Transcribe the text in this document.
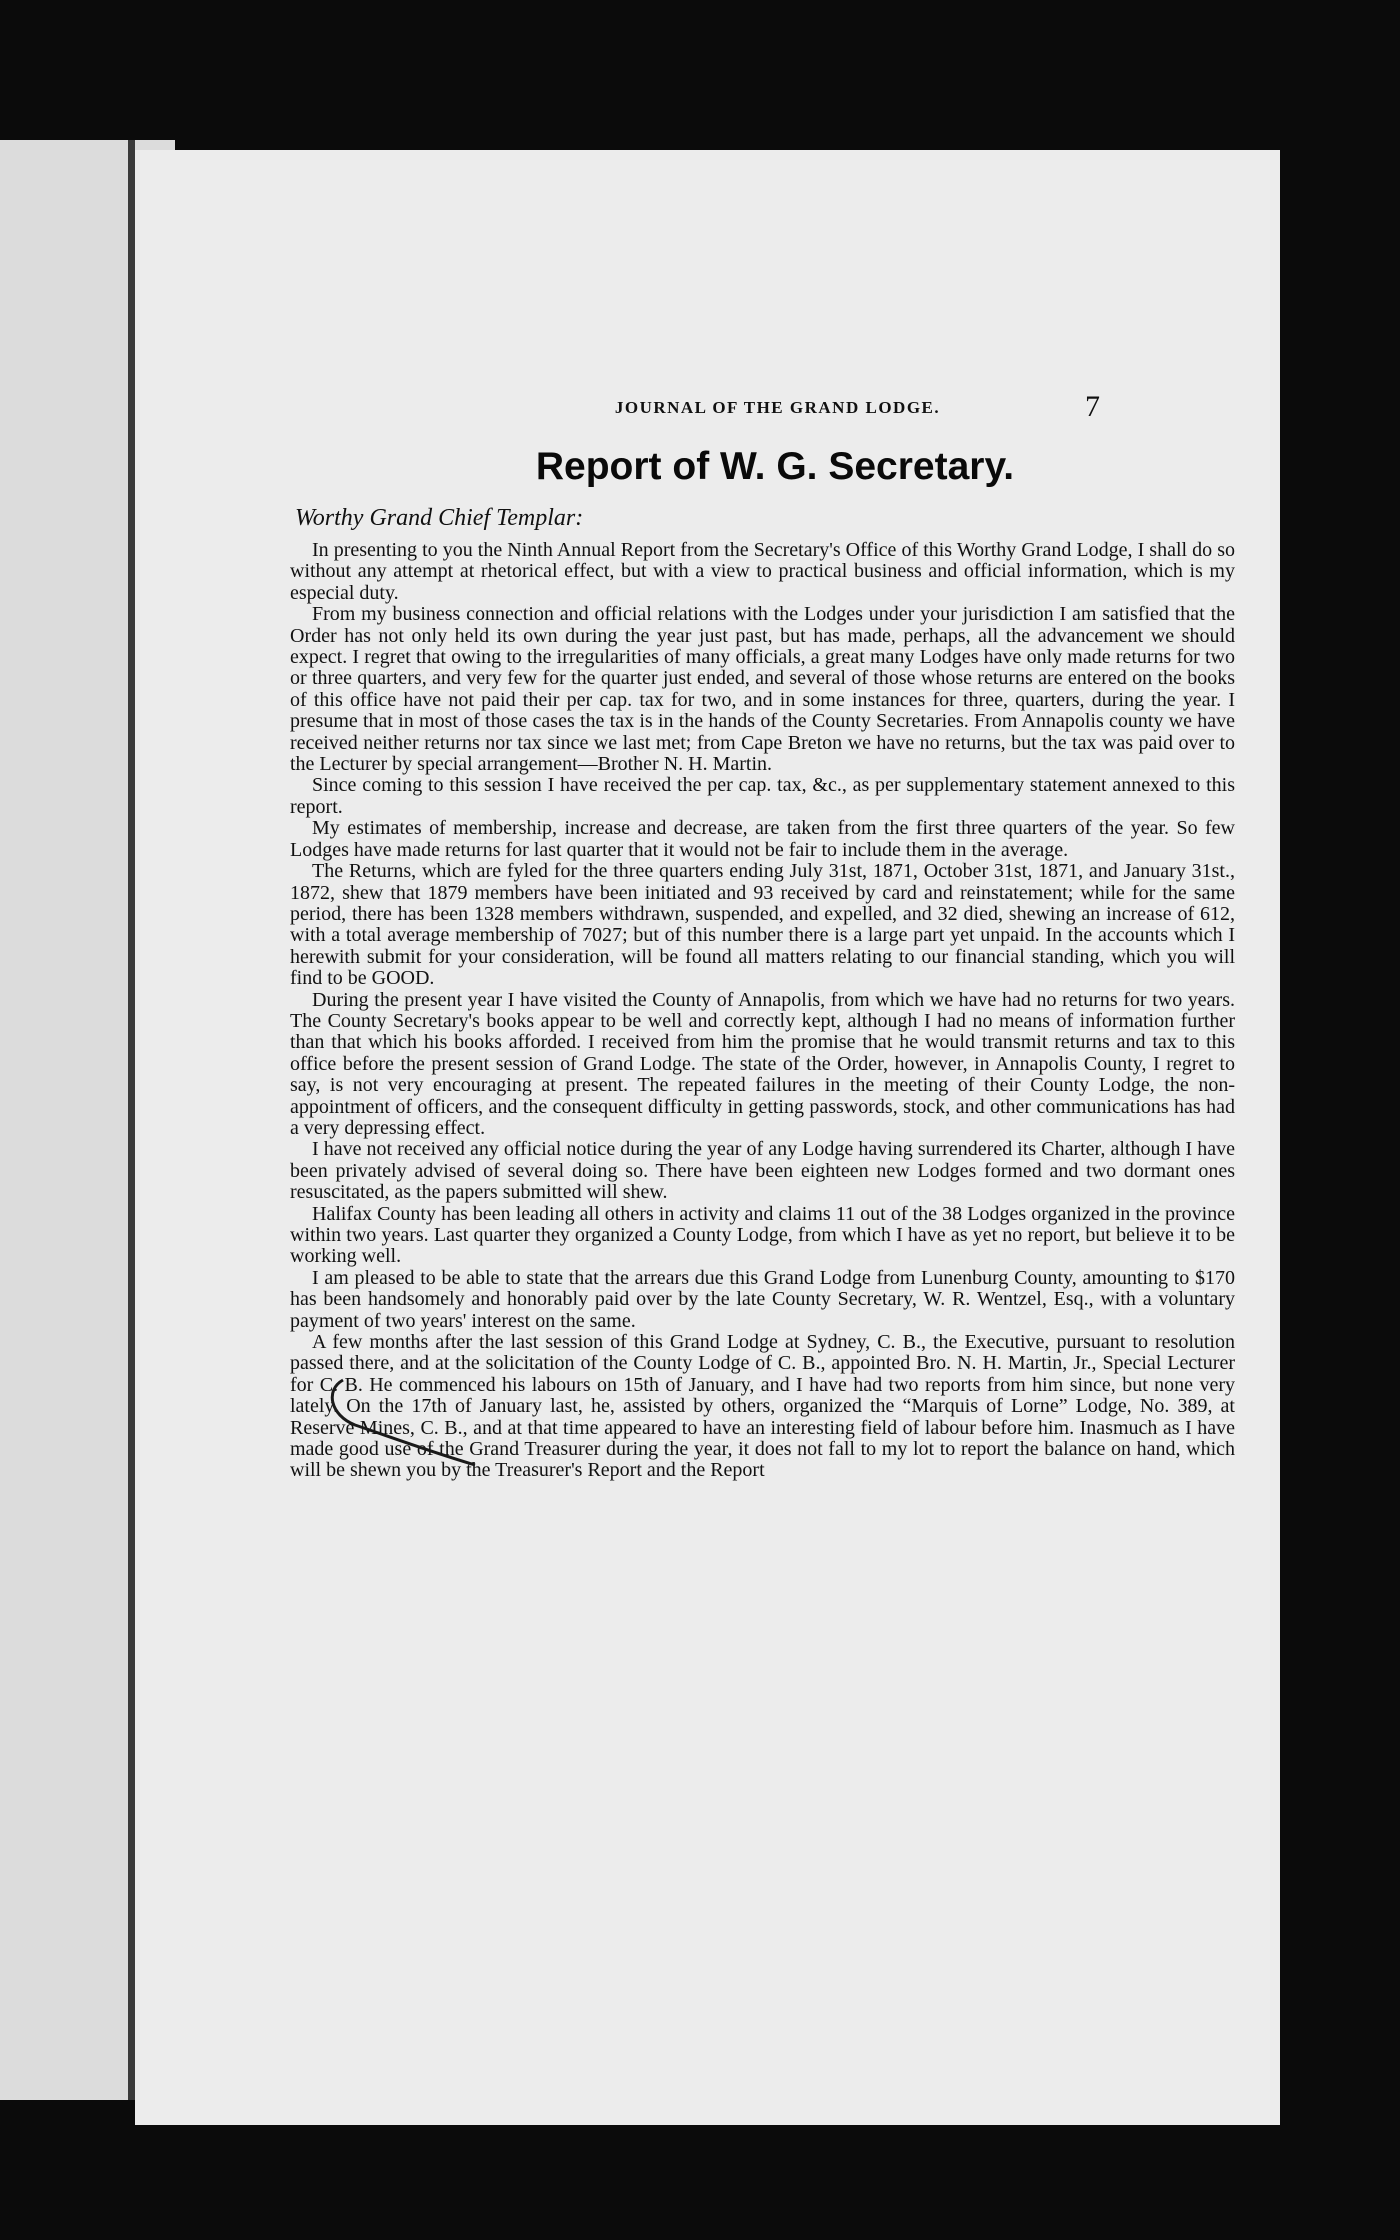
JOURNAL OF THE GRAND LODGE.	7
Report of W. G. Secretary.
Worthy Grand Chief Templar:

In presenting to you the Ninth Annual Report from the Secretary's Office of this Worthy Grand Lodge, I shall do so without any attempt at rhetorical effect, but with a view to practical business and official information, which is my especial duty.

From my business connection and official relations with the Lodges under your jurisdiction I am satisfied that the Order has not only held its own during the year just past, but has made, perhaps, all the advancement we should expect. I regret that owing to the irregularities of many officials, a great many Lodges have only made returns for two or three quarters, and very few for the quarter just ended, and several of those whose returns are entered on the books of this office have not paid their per cap. tax for two, and in some instances for three, quarters, during the year. I presume that in most of those cases the tax is in the hands of the County Secretaries. From Annapolis county we have received neither returns nor tax since we last met; from Cape Breton we have no returns, but the tax was paid over to the Lecturer by special arrangement—Brother N. H. Martin.

Since coming to this session I have received the per cap. tax, &c., as per supplementary statement annexed to this report.

My estimates of membership, increase and decrease, are taken from the first three quarters of the year. So few Lodges have made returns for last quarter that it would not be fair to include them in the average.

The Returns, which are fyled for the three quarters ending July 31st, 1871, October 31st, 1871, and January 31st., 1872, shew that 1879 members have been initiated and 93 received by card and reinstatement; while for the same period, there has been 1328 members withdrawn, suspended, and expelled, and 32 died, shewing an increase of 612, with a total average membership of 7027; but of this number there is a large part yet unpaid. In the accounts which I herewith submit for your consideration, will be found all matters relating to our financial standing, which you will find to be GOOD.

During the present year I have visited the County of Annapolis, from which we have had no returns for two years. The County Secretary's books appear to be well and correctly kept, although I had no means of information further than that which his books afforded. I received from him the promise that he would transmit returns and tax to this office before the present session of Grand Lodge. The state of the Order, however, in Annapolis County, I regret to say, is not very encouraging at present. The repeated failures in the meeting of their County Lodge, the non-appointment of officers, and the consequent difficulty in getting passwords, stock, and other communications has had a very depressing effect.

I have not received any official notice during the year of any Lodge having surrendered its Charter, although I have been privately advised of several doing so. There have been eighteen new Lodges formed and two dormant ones resuscitated, as the papers submitted will shew.

Halifax County has been leading all others in activity and claims 11 out of the 38 Lodges organized in the province within two years. Last quarter they organized a County Lodge, from which I have as yet no report, but believe it to be working well.

I am pleased to be able to state that the arrears due this Grand Lodge from Lunenburg County, amounting to $170 has been handsomely and honorably paid over by the late County Secretary, W. R. Wentzel, Esq., with a voluntary payment of two years' interest on the same.

A few months after the last session of this Grand Lodge at Sydney, C. B., the Executive, pursuant to resolution passed there, and at the solicitation of the County Lodge of C. B., appointed Bro. N. H. Martin, Jr., Special Lecturer for C. B. He commenced his labours on 15th of January, and I have had two reports from him since, but none very lately. On the 17th of January last, he, assisted by others, organized the “Marquis of Lorne” Lodge, No. 389, at Reserve Mines, C. B., and at that time appeared to have an interesting field of labour before him. Inasmuch as I have made good use of the Grand Treasurer during the year, it does not fall to my lot to report the balance on hand, which will be shewn you by the Treasurer's Report and the Report
